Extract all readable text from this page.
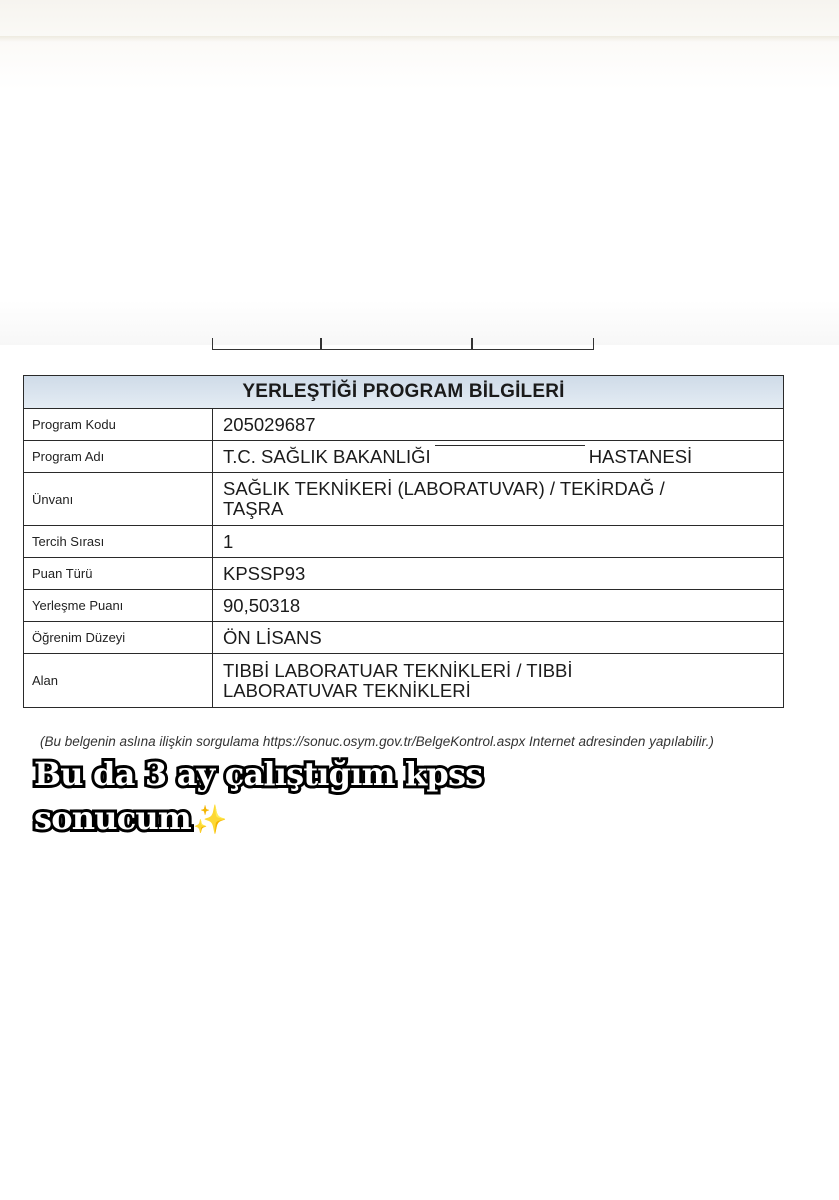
YERLEŞTİĞİ PROGRAM BİLGİLERİ
Program Kodu	205029687
Program Adı	T.C. SAĞLIK BAKANLIĞI	HASTANESİ
Ünvanı	SAĞLIK TEKNİKERİ (LABORATUVAR) / TEKİRDAĞ /
TAŞRA
Tercih Sırası	1
Puan Türü	KPSSP93
Yerleşme Puanı	90,50318
Öğrenim Düzeyi	ÖN LİSANS
Alan	TIBBİ LABORATUAR TEKNİKLERİ / TIBBİ
LABORATUVAR TEKNİKLERİ
(Bu belgenin aslına ilişkin sorgulama https://sonuc.osym.gov.tr/BelgeKontrol.aspx Internet adresinden yapılabilir.)
Bu da 3 ay çalıştığım kpss
sonucum✨
